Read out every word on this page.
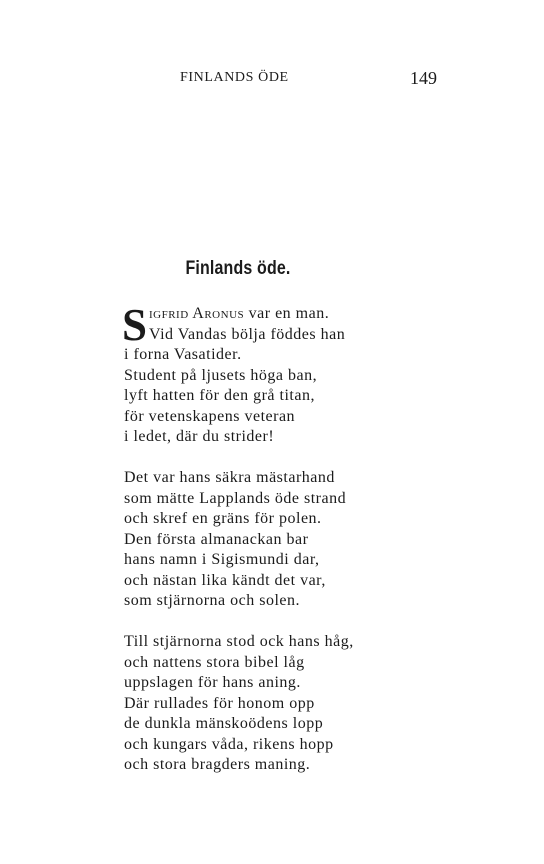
FINLANDS ÖDE	149
Finlands öde.
S igfrid Aronus var en man.
Vid Vandas bölja föddes han
i forna Vasatider.
Student på ljusets höga ban,
lyft hatten för den grå titan,
för vetenskapens veteran
i ledet, där du strider!
Det var hans säkra mästarhand
som mätte Lapplands öde strand
och skref en gräns för polen.
Den första almanackan bar
hans namn i Sigismundi dar,
och nästan lika kändt det var,
som stjärnorna och solen.
Till stjärnorna stod ock hans håg,
och nattens stora bibel låg
uppslagen för hans aning.
Där rullades för honom opp
de dunkla mänskoödens lopp
och kungars våda, rikens hopp
och stora bragders maning.
